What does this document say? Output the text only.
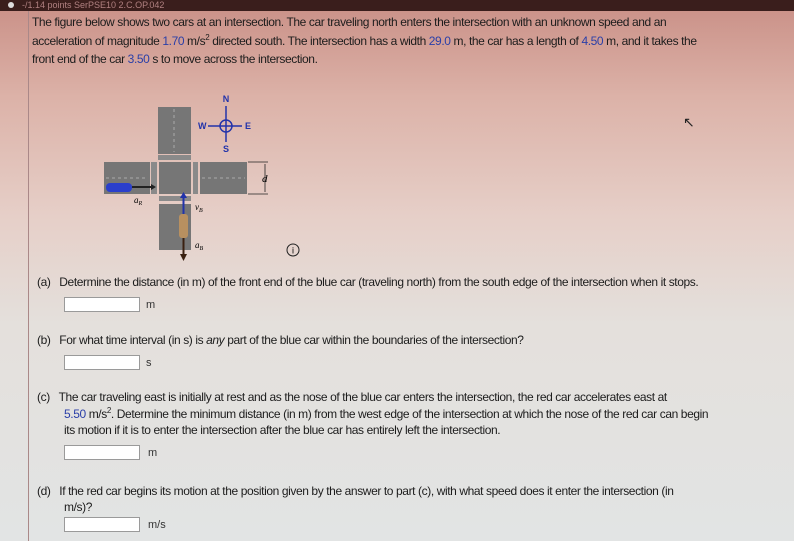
-/1.14 points SerPSE10 2.C.OP.042
The figure below shows two cars at an intersection. The car traveling north enters the intersection with an unknown speed and an
acceleration of magnitude 1.70 $m/s^2$ directed south. The intersection has a width 29.0 m, the car has a length of 4.50 m, and it takes the
front end of the car 3.50 s to move across the intersection.
N
S
W	E
d
$a_R$	$v_B$
$a_B$	i
↖
(a) Determine the distance (in m) of the front end of the blue car (traveling north) from the south edge of the intersection when it stops.
m
(b) For what time interval (in s) is any part of the blue car within the boundaries of the intersection?
s
(c) The car traveling east is initially at rest and as the nose of the blue car enters the intersection, the red car accelerates east at
5.50 $m/s^2$. Determine the minimum distance (in m) from the west edge of the intersection at which the nose of the red car can begin
its motion if it is to enter the intersection after the blue car has entirely left the intersection.
m
(d) If the red car begins its motion at the position given by the answer to part (c), with what speed does it enter the intersection (in
m/s)?
m/s
